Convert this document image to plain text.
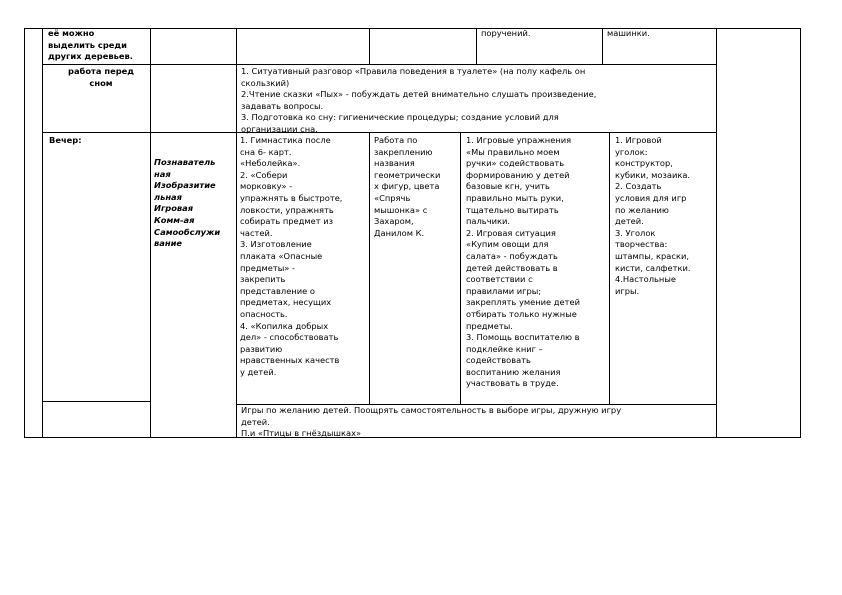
её можно
выделить среди
других деревьев.
поручений.	машинки.
работа перед
сном
1. Ситуативный разговор «Правила поведения в туалете» (на полу кафель он
скользкий)
2.Чтение сказки «Пых» - побуждать детей внимательно слушать произведение,
задавать вопросы.
3. Подготовка ко сну: гигиенические процедуры; создание условий для
организации сна.
Вечер:
Познаватель
ная
Изобразитие
льная
Игровая
Комм-ая
Самообслужи
вание
1. Гимнастика после
сна 6- карт.
«Неболейка».
2. «Собери
морковку» -
упражнять в быстроте,
ловкости, упражнять
собирать предмет из
частей.
3. Изготовление
плаката «Опасные
предметы» -
закрепить
представление о
предметах, несущих
опасность.
4. «Копилка добрых
дел» - способствовать
развитию
нравственных качеств
у детей.
Работа по
закреплению
названия
геометрически
х фигур, цвета
«Спрячь
мышонка» с
Захаром,
Данилом К.
1. Игровые упражнения
«Мы правильно моем
ручки» содействовать
формированию у детей
базовые кгн, учить
правильно мыть руки,
тщательно вытирать
пальчики.
2. Игровая ситуация
«Купим овощи для
салата» - побуждать
детей действовать в
соответствии с
правилами игры;
закреплять умение детей
отбирать только нужные
предметы.
3. Помощь воспитателю в
подклейке книг –
содействовать
воспитанию желания
участвовать в труде.
1. Игровой
уголок:
конструктор,
кубики, мозаика.
2. Создать
условия для игр
по желанию
детей.
3. Уголок
творчества:
штампы, краски,
кисти, салфетки.
4.Настольные
игры.
Игры по желанию детей. Поощрять самостоятельность в выборе игры, дружную игру
детей.
П.и «Птицы в гнёздышках»
